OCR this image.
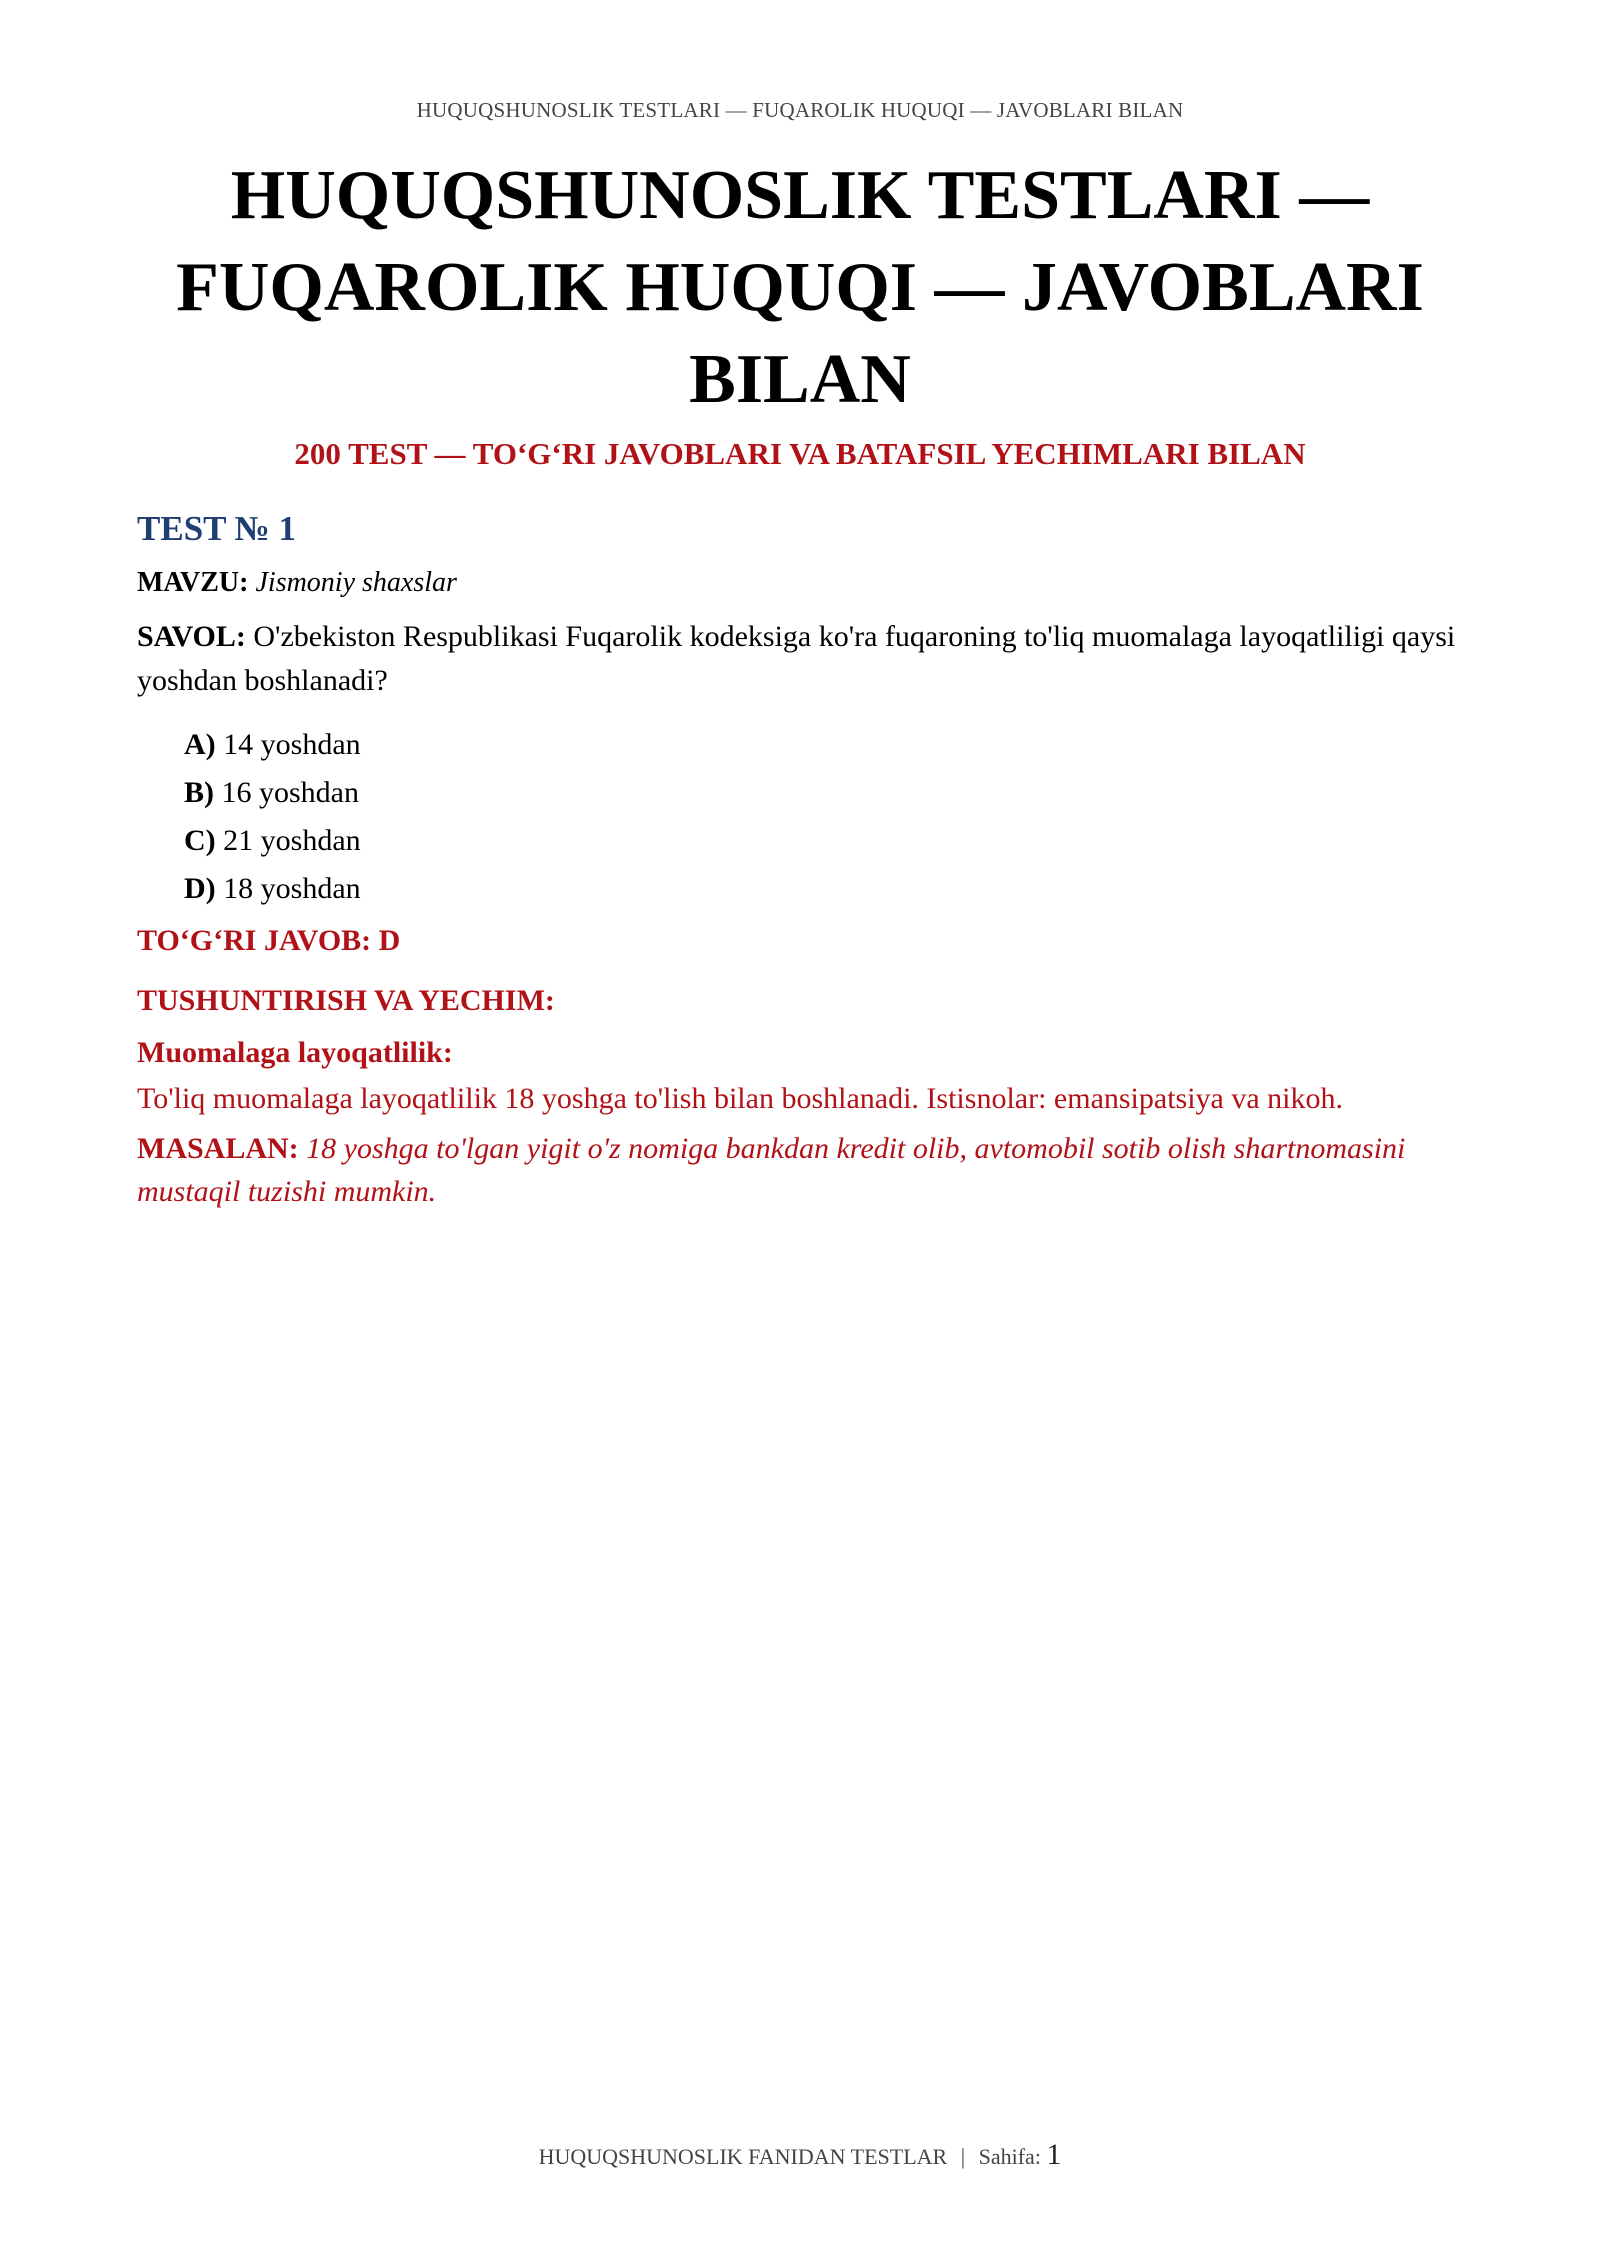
HUQUQSHUNOSLIK TESTLARI — FUQAROLIK HUQUQI — JAVOBLARI BILAN
HUQUQSHUNOSLIK TESTLARI — FUQAROLIK HUQUQI — JAVOBLARI BILAN
200 TEST — TO‘G‘RI JAVOBLARI VA BATAFSIL YECHIMLARI BILAN
TEST № 1
MAVZU: Jismoniy shaxslar
SAVOL: O'zbekiston Respublikasi Fuqarolik kodeksiga ko'ra fuqaroning to'liq muomalaga layoqatliligi qaysi yoshdan boshlanadi?
A) 14 yoshdan
B) 16 yoshdan
C) 21 yoshdan
D) 18 yoshdan
TO‘G‘RI JAVOB: D
TUSHUNTIRISH VA YECHIM:
Muomalaga layoqatlilik:
To'liq muomalaga layoqatlilik 18 yoshga to'lish bilan boshlanadi. Istisnolar: emansipatsiya va nikoh.
MASALAN: 18 yoshga to'lgan yigit o'z nomiga bankdan kredit olib, avtomobil sotib olish shartnomasini mustaqil tuzishi mumkin.
HUQUQSHUNOSLIK FANIDAN TESTLAR | Sahifa: 1
